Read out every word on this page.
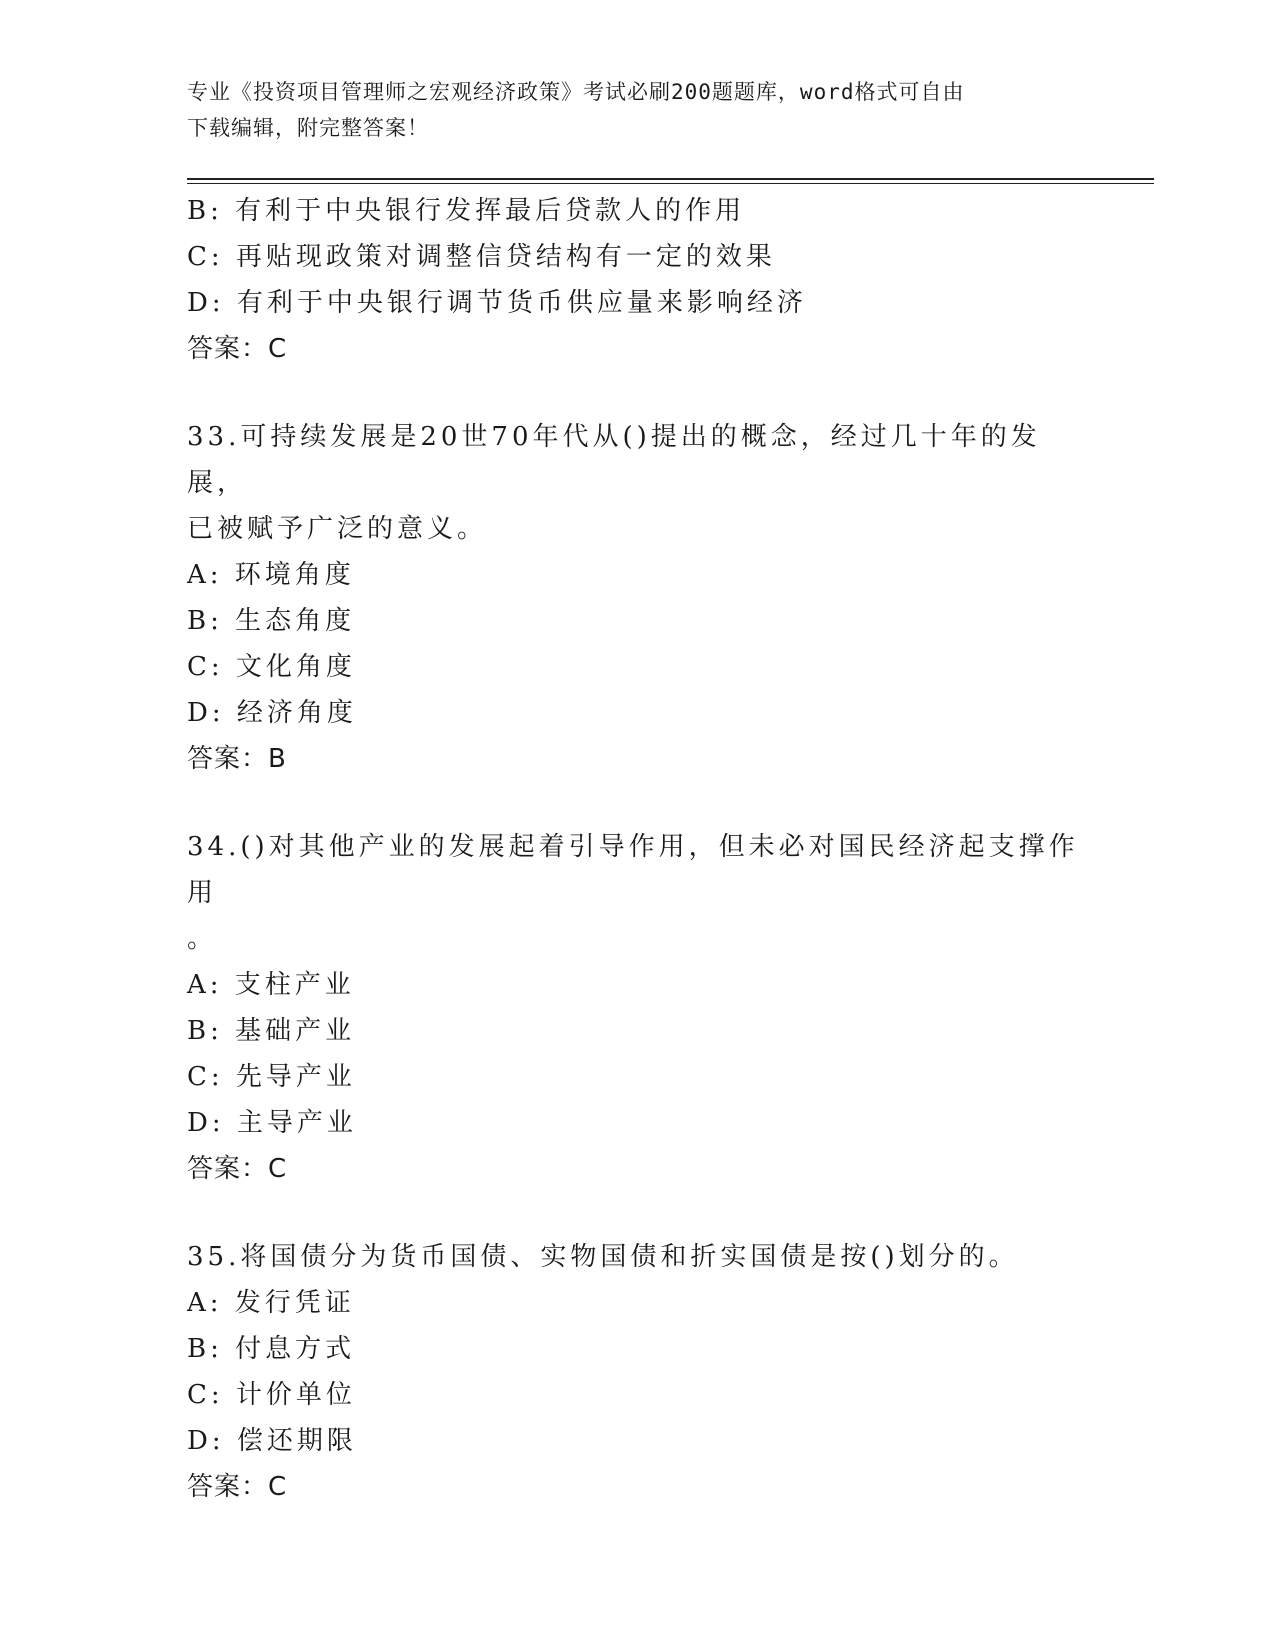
专业《投资项目管理师之宏观经济政策》考试必刷200题题库，word格式可自由
下载编辑，附完整答案！
B: 有利于中央银行发挥最后贷款人的作用
C: 再贴现政策对调整信贷结构有一定的效果
D: 有利于中央银行调节货币供应量来影响经济
答案：C
33.可持续发展是20世70年代从()提出的概念，经过几十年的发展，
已被赋予广泛的意义。
A: 环境角度
B: 生态角度
C: 文化角度
D: 经济角度
答案：B
34.()对其他产业的发展起着引导作用，但未必对国民经济起支撑作用
。
A: 支柱产业
B: 基础产业
C: 先导产业
D: 主导产业
答案：C
35.将国债分为货币国债、实物国债和折实国债是按()划分的。
A: 发行凭证
B: 付息方式
C: 计价单位
D: 偿还期限
答案：C
